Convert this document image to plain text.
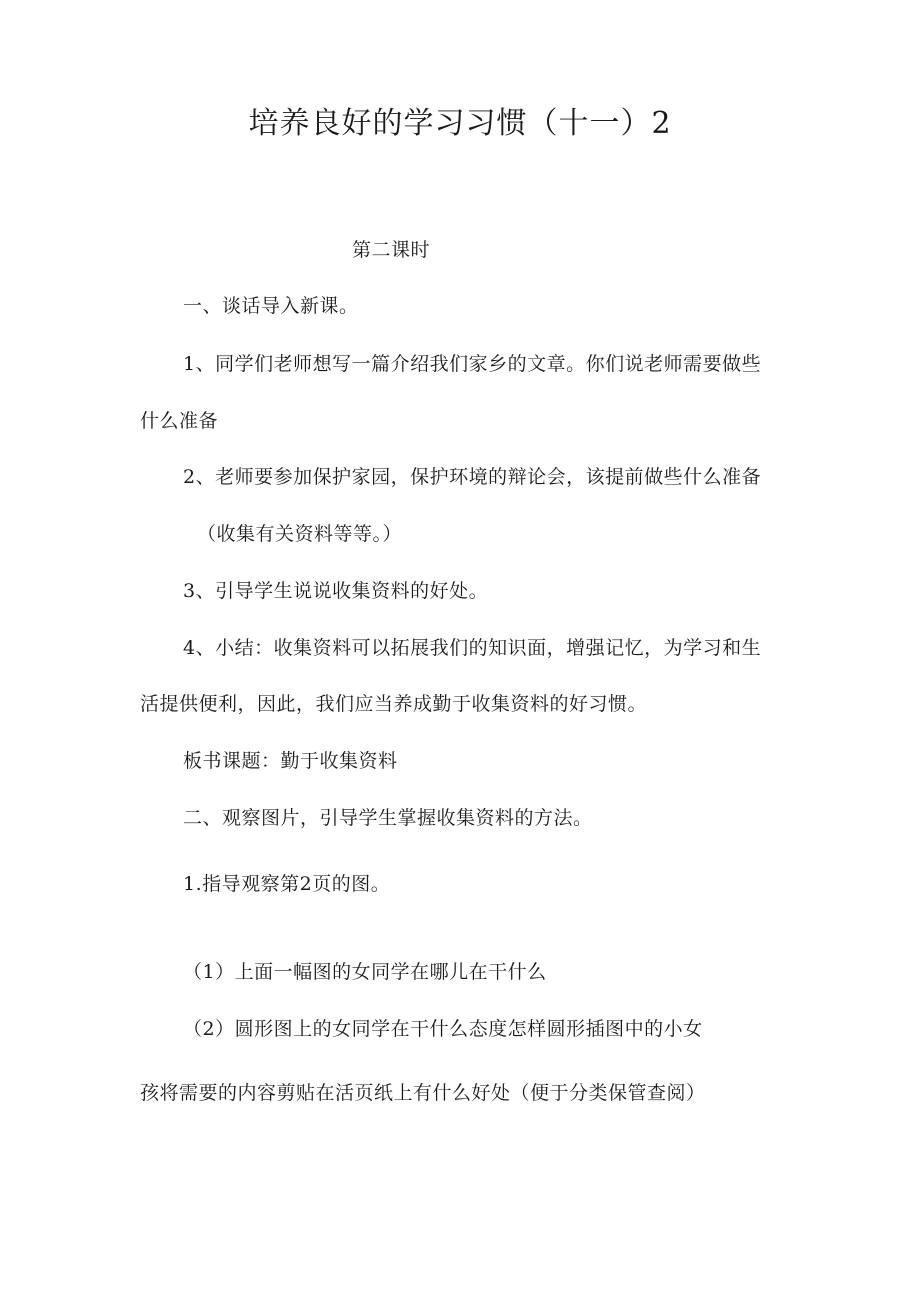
培养良好的学习习惯（十一）2
第二课时
一、谈话导入新课。
1、同学们老师想写一篇介绍我们家乡的文章。你们说老师需要做些
什么准备
2、老师要参加保护家园，保护环境的辩论会，该提前做些什么准备
（收集有关资料等等。）
3、引导学生说说收集资料的好处。
4、小结：收集资料可以拓展我们的知识面，增强记忆，为学习和生
活提供便利，因此，我们应当养成勤于收集资料的好习惯。
板书课题：勤于收集资料
二、观察图片，引导学生掌握收集资料的方法。
1.指导观察第2页的图。
（1）上面一幅图的女同学在哪儿在干什么
（2）圆形图上的女同学在干什么态度怎样圆形插图中的小女
孩将需要的内容剪贴在活页纸上有什么好处（便于分类保管查阅）
